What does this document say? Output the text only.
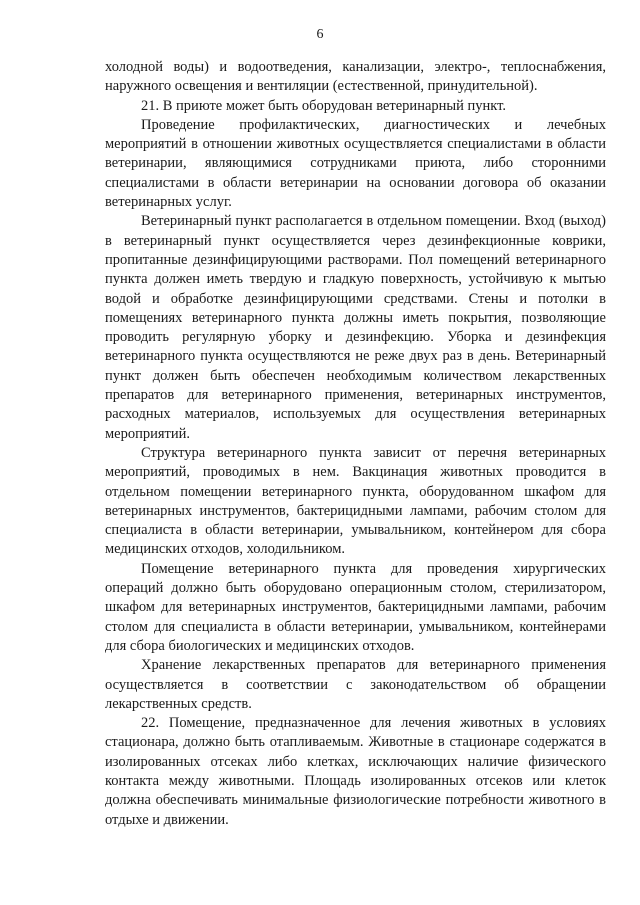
6

холодной воды) и водоотведения, канализации, электро-, теплоснабжения, наружного освещения и вентиляции (естественной, принудительной).

21. В приюте может быть оборудован ветеринарный пункт.

Проведение профилактических, диагностических и лечебных мероприятий в отношении животных осуществляется специалистами в области ветеринарии, являющимися сотрудниками приюта, либо сторонними специалистами в области ветеринарии на основании договора об оказании ветеринарных услуг.

Ветеринарный пункт располагается в отдельном помещении. Вход (выход) в ветеринарный пункт осуществляется через дезинфекционные коврики, пропитанные дезинфицирующими растворами. Пол помещений ветеринарного пункта должен иметь твердую и гладкую поверхность, устойчивую к мытью водой и обработке дезинфицирующими средствами. Стены и потолки в помещениях ветеринарного пункта должны иметь покрытия, позволяющие проводить регулярную уборку и дезинфекцию. Уборка и дезинфекция ветеринарного пункта осуществляются не реже двух раз в день. Ветеринарный пункт должен быть обеспечен необходимым количеством лекарственных препаратов для ветеринарного применения, ветеринарных инструментов, расходных материалов, используемых для осуществления ветеринарных мероприятий.

Структура ветеринарного пункта зависит от перечня ветеринарных мероприятий, проводимых в нем. Вакцинация животных проводится в отдельном помещении ветеринарного пункта, оборудованном шкафом для ветеринарных инструментов, бактерицидными лампами, рабочим столом для специалиста в области ветеринарии, умывальником, контейнером для сбора медицинских отходов, холодильником.

Помещение ветеринарного пункта для проведения хирургических операций должно быть оборудовано операционным столом, стерилизатором, шкафом для ветеринарных инструментов, бактерицидными лампами, рабочим столом для специалиста в области ветеринарии, умывальником, контейнерами для сбора биологических и медицинских отходов.

Хранение лекарственных препаратов для ветеринарного применения осуществляется в соответствии с законодательством об обращении лекарственных средств.

22. Помещение, предназначенное для лечения животных в условиях стационара, должно быть отапливаемым. Животные в стационаре содержатся в изолированных отсеках либо клетках, исключающих наличие физического контакта между животными. Площадь изолированных отсеков или клеток должна обеспечивать минимальные физиологические потребности животного в отдыхе и движении.
